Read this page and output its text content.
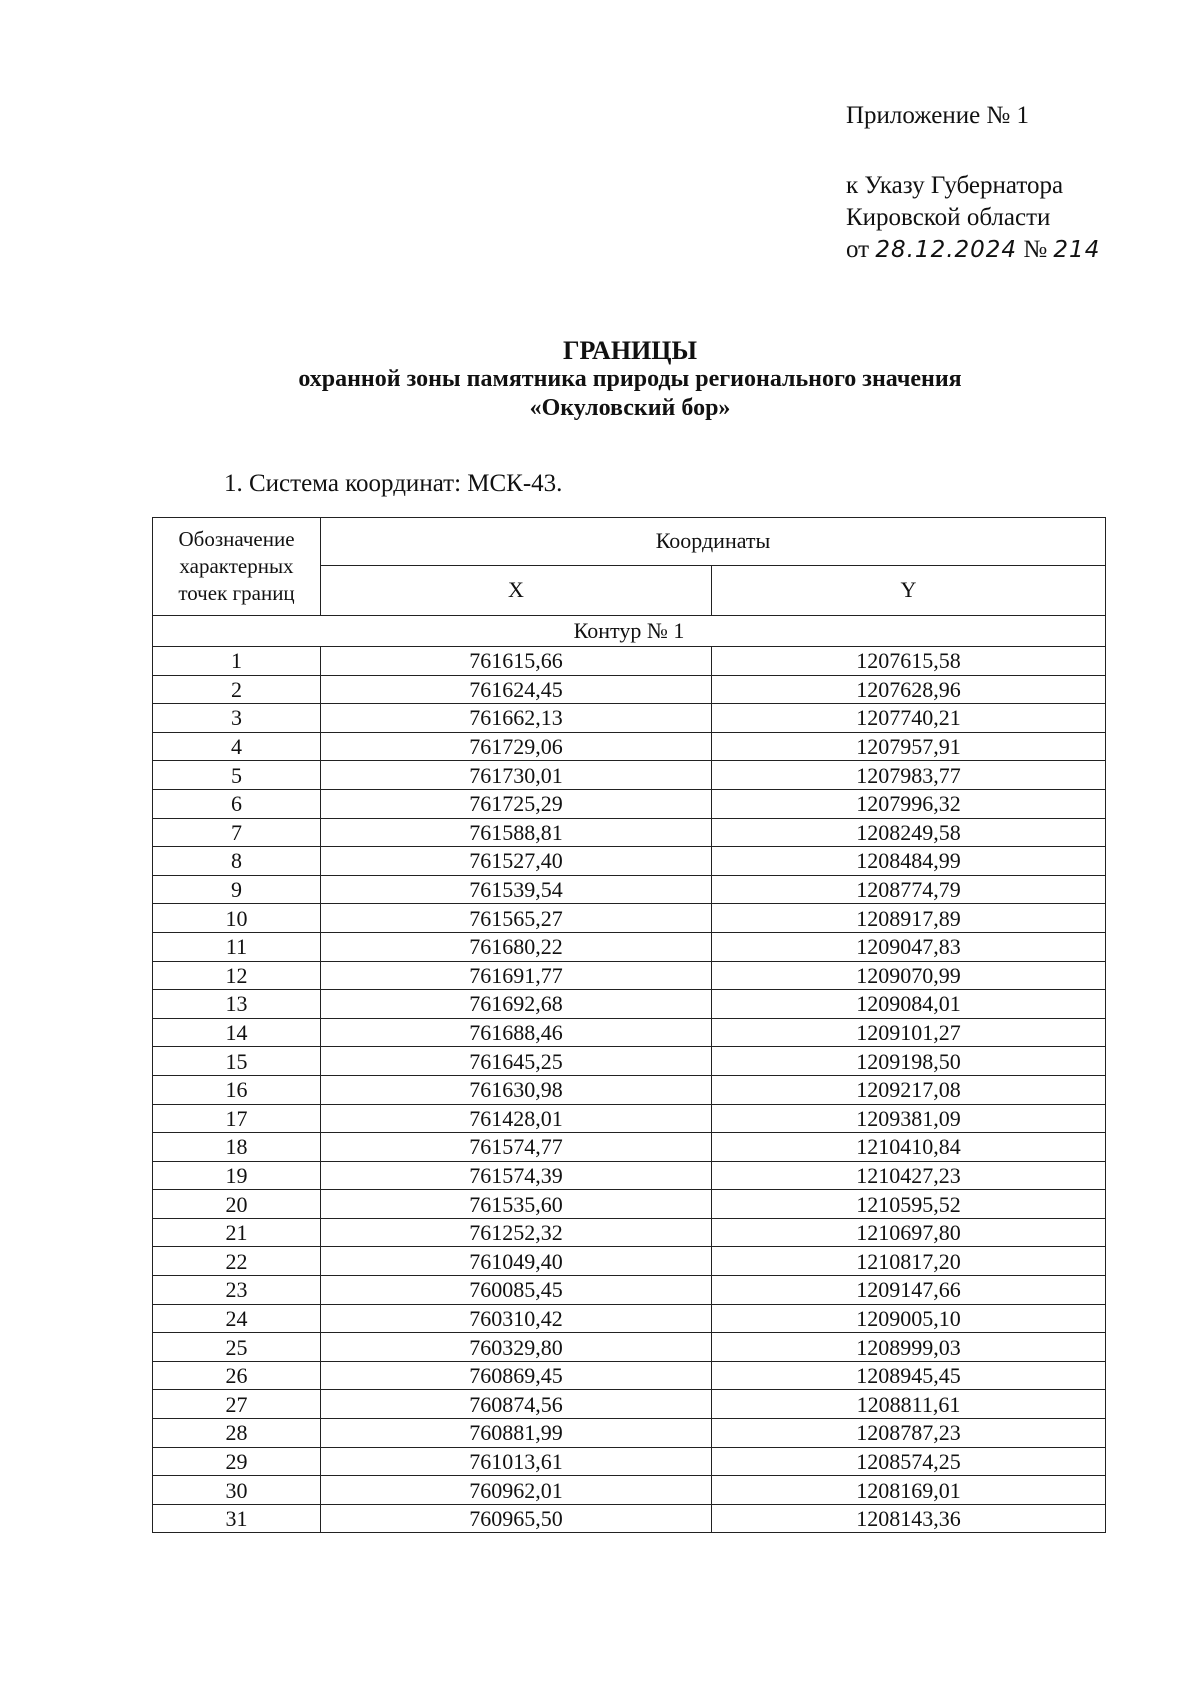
Приложение № 1
к Указу Губернатора
Кировской области
от 28.12.2024 № 214
ГРАНИЦЫ
охранной зоны памятника природы регионального значения
«Окуловский бор»
1. Система координат: МСК-43.
Обозначение характерных точек границ	Координаты	
	X	Y
Контур № 1		
1	761615,66	1207615,58
2	761624,45	1207628,96
3	761662,13	1207740,21
4	761729,06	1207957,91
5	761730,01	1207983,77
6	761725,29	1207996,32
7	761588,81	1208249,58
8	761527,40	1208484,99
9	761539,54	1208774,79
10	761565,27	1208917,89
11	761680,22	1209047,83
12	761691,77	1209070,99
13	761692,68	1209084,01
14	761688,46	1209101,27
15	761645,25	1209198,50
16	761630,98	1209217,08
17	761428,01	1209381,09
18	761574,77	1210410,84
19	761574,39	1210427,23
20	761535,60	1210595,52
21	761252,32	1210697,80
22	761049,40	1210817,20
23	760085,45	1209147,66
24	760310,42	1209005,10
25	760329,80	1208999,03
26	760869,45	1208945,45
27	760874,56	1208811,61
28	760881,99	1208787,23
29	761013,61	1208574,25
30	760962,01	1208169,01
31	760965,50	1208143,36
